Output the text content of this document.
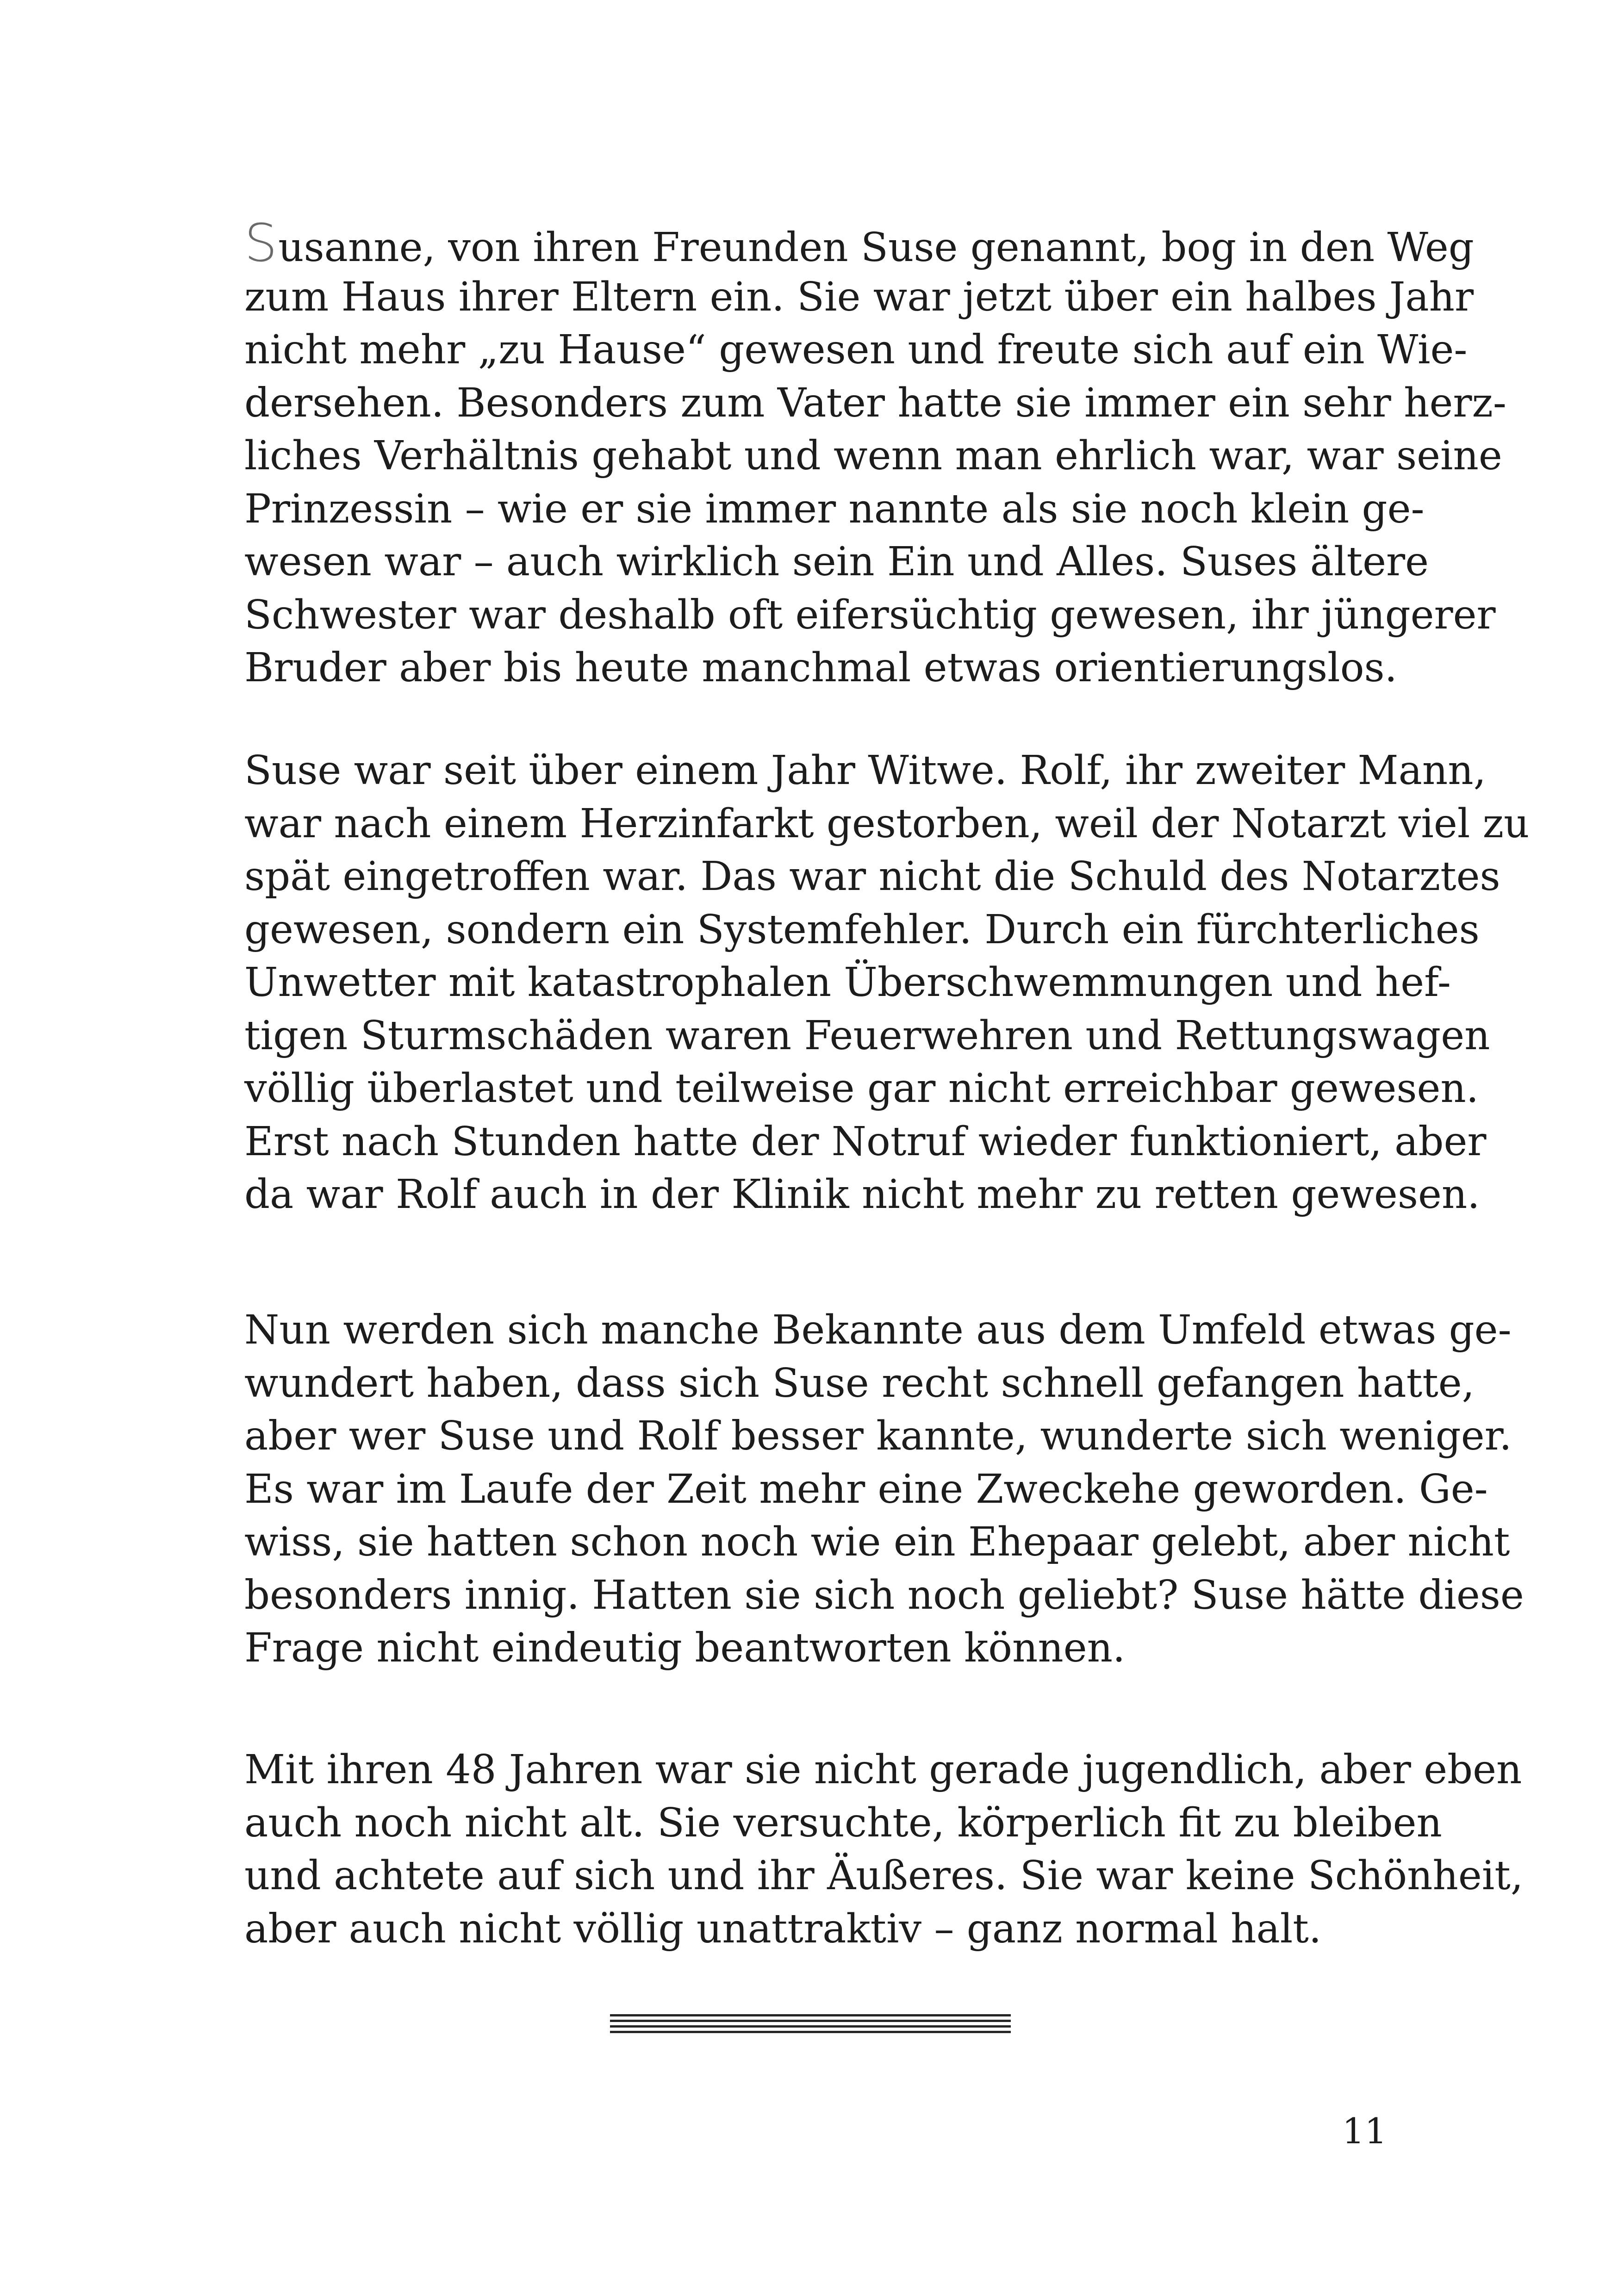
Susanne, von ihren Freunden Suse genannt, bog in den Weg
zum Haus ihrer Eltern ein. Sie war jetzt über ein halbes Jahr
nicht mehr „zu Hause“ gewesen und freute sich auf ein Wie-
dersehen. Besonders zum Vater hatte sie immer ein sehr herz-
liches Verhältnis gehabt und wenn man ehrlich war, war seine
Prinzessin – wie er sie immer nannte als sie noch klein ge-
wesen war – auch wirklich sein Ein und Alles. Suses ältere
Schwester war deshalb oft eifersüchtig gewesen, ihr jüngerer
Bruder aber bis heute manchmal etwas orientierungslos.
Suse war seit über einem Jahr Witwe. Rolf, ihr zweiter Mann,
war nach einem Herzinfarkt gestorben, weil der Notarzt viel zu
spät eingetroffen war. Das war nicht die Schuld des Notarztes
gewesen, sondern ein Systemfehler. Durch ein fürchterliches
Unwetter mit katastrophalen Überschwemmungen und hef-
tigen Sturmschäden waren Feuerwehren und Rettungswagen
völlig überlastet und teilweise gar nicht erreichbar gewesen.
Erst nach Stunden hatte der Notruf wieder funktioniert, aber
da war Rolf auch in der Klinik nicht mehr zu retten gewesen.
Nun werden sich manche Bekannte aus dem Umfeld etwas ge-
wundert haben, dass sich Suse recht schnell gefangen hatte,
aber wer Suse und Rolf besser kannte, wunderte sich weniger.
Es war im Laufe der Zeit mehr eine Zweckehe geworden. Ge-
wiss, sie hatten schon noch wie ein Ehepaar gelebt, aber nicht
besonders innig. Hatten sie sich noch geliebt? Suse hätte diese
Frage nicht eindeutig beantworten können.
Mit ihren 48 Jahren war sie nicht gerade jugendlich, aber eben
auch noch nicht alt. Sie versuchte, körperlich fit zu bleiben
und achtete auf sich und ihr Äußeres. Sie war keine Schönheit,
aber auch nicht völlig unattraktiv – ganz normal halt.
11
